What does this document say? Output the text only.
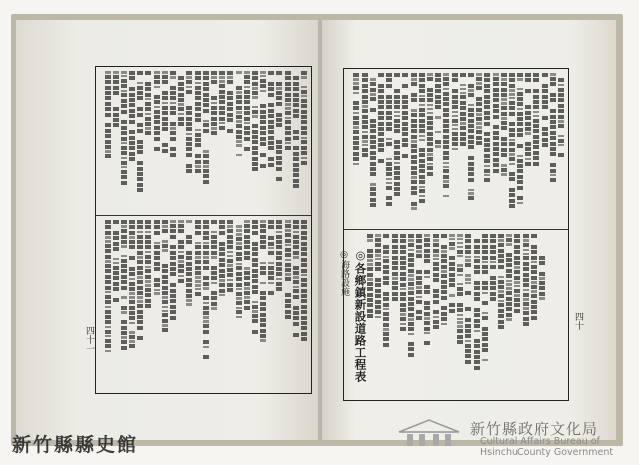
◎各鄉鎮新設道路工程表
◎海路設施
四十一
四十
新竹縣縣史館
新竹縣政府文化局
Cultural Affairs Bureau of Hsinchu
County Government
